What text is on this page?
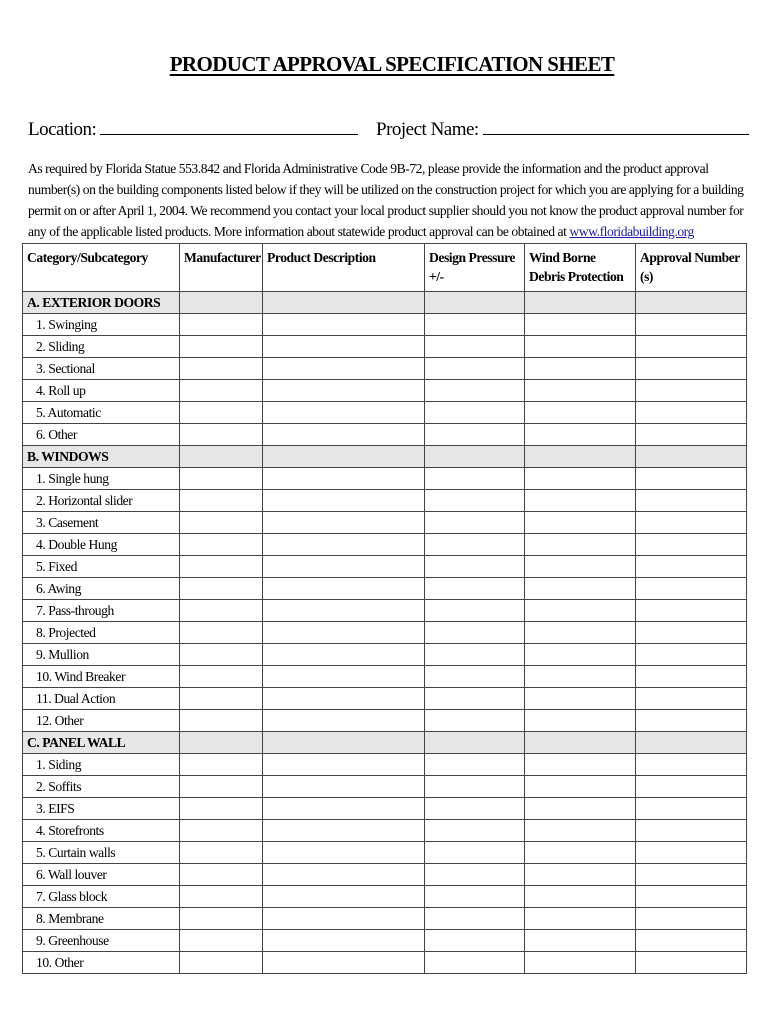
PRODUCT APPROVAL SPECIFICATION SHEET
Location:	Project Name:
As required by Florida Statue 553.842 and Florida Administrative Code 9B-72, please provide the information and the product approval number(s) on the building components listed below if they will be utilized on the construction project for which you are applying for a building permit on or after April 1, 2004. We recommend you contact your local product supplier should you not know the product approval number for any of the applicable listed products. More information about statewide product approval can be obtained at www.floridabuilding.org
Category/Subcategory	Manufacturer	Product Description	Design Pressure +/-	Wind Borne Debris Protection	Approval Number (s)
A. EXTERIOR DOORS					
1. Swinging					
2. Sliding					
3. Sectional					
4. Roll up					
5. Automatic					
6. Other					
B. WINDOWS					
1. Single hung					
2. Horizontal slider					
3. Casement					
4. Double Hung					
5. Fixed					
6. Awing					
7. Pass-through					
8. Projected					
9. Mullion					
10. Wind Breaker					
11. Dual Action					
12. Other					
C. PANEL WALL					
1. Siding					
2. Soffits					
3. EIFS					
4. Storefronts					
5. Curtain walls					
6. Wall louver					
7. Glass block					
8. Membrane					
9. Greenhouse					
10. Other					
